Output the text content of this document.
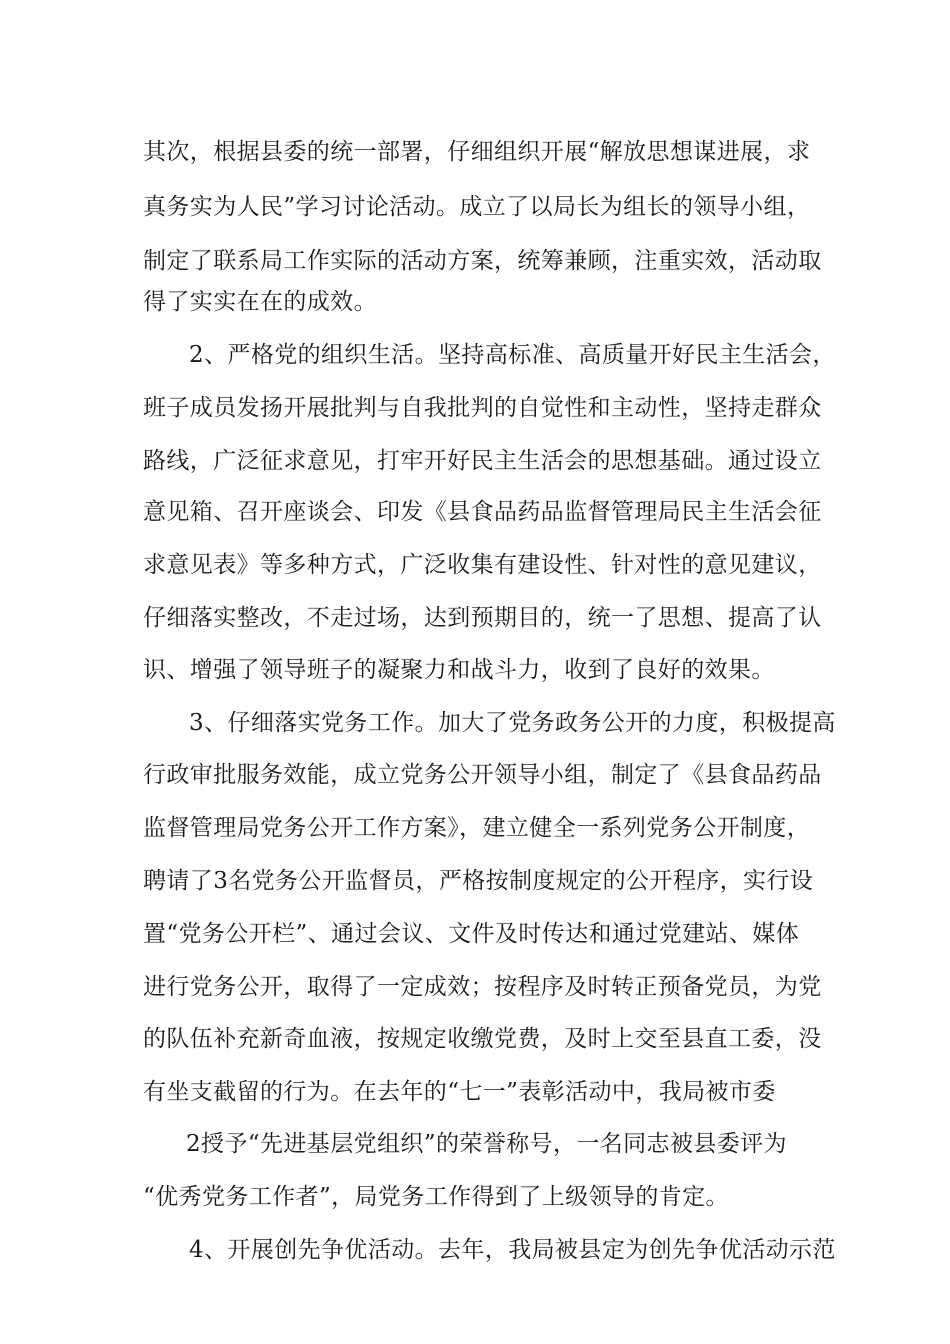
其次，根据县委的统一部署，仔细组织开展“解放思想谋进展，求
真务实为人民”学习讨论活动。成立了以局长为组长的领导小组，
制定了联系局工作实际的活动方案，统筹兼顾，注重实效，活动取
得了实实在在的成效。
2、严格党的组织生活。坚持高标准、高质量开好民主生活会，
班子成员发扬开展批判与自我批判的自觉性和主动性，坚持走群众
路线，广泛征求意见，打牢开好民主生活会的思想基础。通过设立
意见箱、召开座谈会、印发《县食品药品监督管理局民主生活会征
求意见表》等多种方式，广泛收集有建设性、针对性的意见建议，
仔细落实整改，不走过场，达到预期目的，统一了思想、提高了认
识、增强了领导班子的凝聚力和战斗力，收到了良好的效果。
3、仔细落实党务工作。加大了党务政务公开的力度，积极提高
行政审批服务效能，成立党务公开领导小组，制定了《县食品药品
监督管理局党务公开工作方案》，建立健全一系列党务公开制度，
聘请了3名党务公开监督员，严格按制度规定的公开程序，实行设
置“党务公开栏”、通过会议、文件及时传达和通过党建站、媒体
进行党务公开，取得了一定成效；按程序及时转正预备党员，为党
的队伍补充新奇血液，按规定收缴党费，及时上交至县直工委，没
有坐支截留的行为。在去年的“七一”表彰活动中，我局被市委
2授予“先进基层党组织”的荣誉称号，一名同志被县委评为
“优秀党务工作者”，局党务工作得到了上级领导的肯定。
4、开展创先争优活动。去年，我局被县定为创先争优活动示范
